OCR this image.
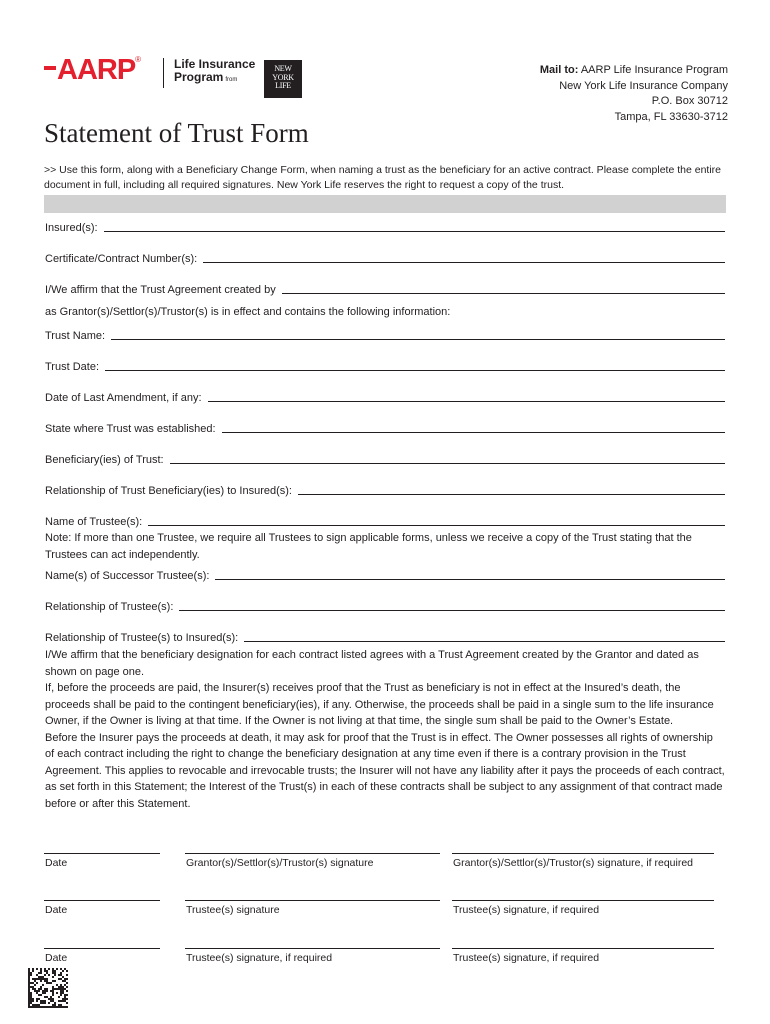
AARP®	Life Insurance
Program from
NEW
YORK
LIFE
Mail to: AARP Life Insurance Program
New York Life Insurance Company
P.O. Box 30712
Tampa, FL 33630-3712
Statement of Trust Form
>> Use this form, along with a Beneficiary Change Form, when naming a trust as the beneficiary for an active contract. Please complete the entire document in full, including all required signatures. New York Life reserves the right to request a copy of the trust.
Insured(s):
Certificate/Contract Number(s):
I/We affirm that the Trust Agreement created by
as Grantor(s)/Settlor(s)/Trustor(s) is in effect and contains the following information:
Trust Name:
Trust Date:
Date of Last Amendment, if any:
State where Trust was established:
Beneficiary(ies) of Trust:
Relationship of Trust Beneficiary(ies) to Insured(s):
Name of Trustee(s):
Note: If more than one Trustee, we require all Trustees to sign applicable forms, unless we receive a copy of the Trust stating that the Trustees can act independently.
Name(s) of Successor Trustee(s):
Relationship of Trustee(s):
Relationship of Trustee(s) to Insured(s):
I/We affirm that the beneficiary designation for each contract listed agrees with a Trust Agreement created by the Grantor and dated as shown on page one.
If, before the proceeds are paid, the Insurer(s) receives proof that the Trust as beneficiary is not in effect at the Insured’s death, the proceeds shall be paid to the contingent beneficiary(ies), if any. Otherwise, the proceeds shall be paid in a single sum to the life insurance Owner, if the Owner is living at that time. If the Owner is not living at that time, the single sum shall be paid to the Owner’s Estate.
Before the Insurer pays the proceeds at death, it may ask for proof that the Trust is in effect. The Owner possesses all rights of ownership of each contract including the right to change the beneficiary designation at any time even if there is a contrary provision in the Trust Agreement. This applies to revocable and irrevocable trusts; the Insurer will not have any liability after it pays the proceeds of each contract, as set forth in this Statement; the Interest of the Trust(s) in each of these contracts shall be subject to any assignment of that contract made before or after this Statement.
Date	Grantor(s)/Settlor(s)/Trustor(s) signature	Grantor(s)/Settlor(s)/Trustor(s) signature, if required
Date	Trustee(s) signature	Trustee(s) signature, if required
Date	Trustee(s) signature, if required	Trustee(s) signature, if required
